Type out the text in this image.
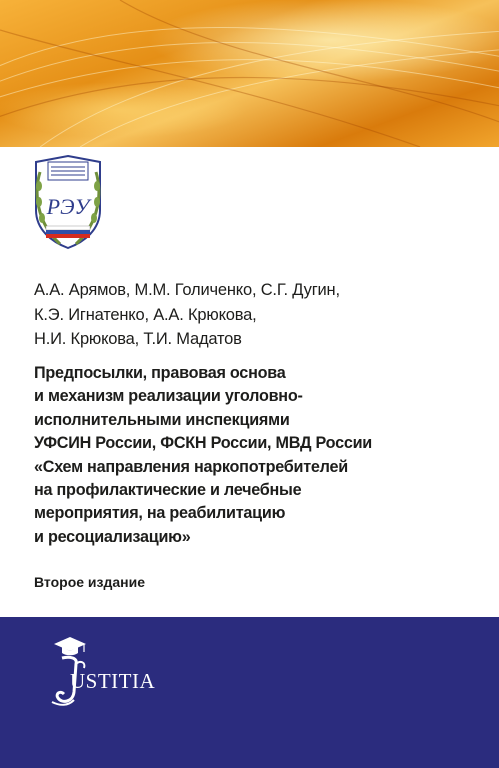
РЭУ
А.А. Арямов, М.М. Голиченко, С.Г. Дугин,
К.Э. Игнатенко, А.А. Крюкова,
Н.И. Крюкова, Т.И. Мадатов
Предпосылки, правовая основа
и механизм реализации уголовно-
исполнительными инспекциями
УФСИН России, ФСКН России, МВД России
«Схем направления наркопотребителей
на профилактические и лечебные
мероприятия, на реабилитацию
и ресоциализацию»
Второе издание
USTITIA
